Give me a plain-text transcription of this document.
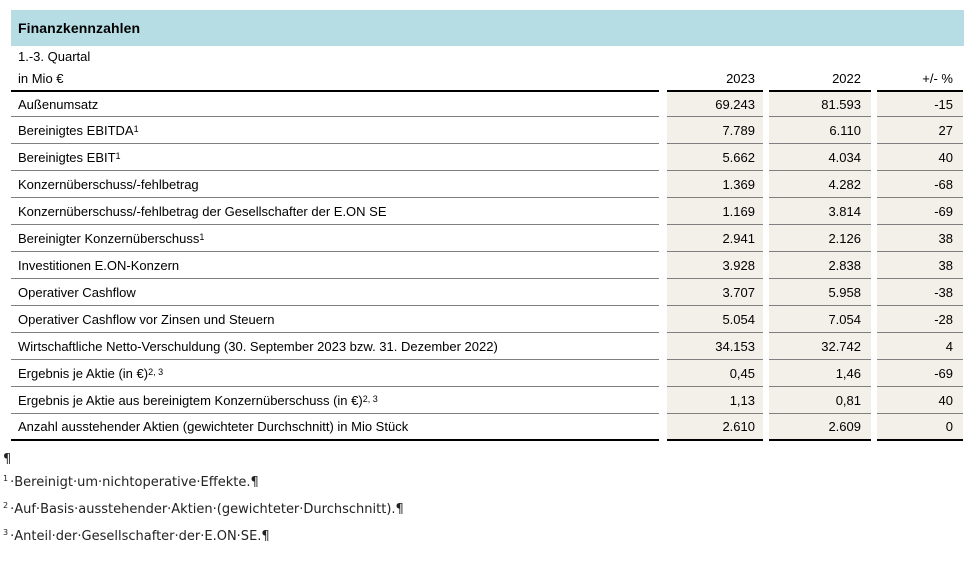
Finanzkennzahlen
1.-3. Quartal
in Mio €	2023	2022	+/- %
Außenumsatz	69.243	81.593	-15
Bereinigtes EBITDA$^1$	7.789	6.110	27
Bereinigtes EBIT$^1$	5.662	4.034	40
Konzernüberschuss/-fehlbetrag	1.369	4.282	-68
Konzernüberschuss/-fehlbetrag der Gesellschafter der E.ON SE	1.169	3.814	-69
Bereinigter Konzernüberschuss$^1$	2.941	2.126	38
Investitionen E.ON-Konzern	3.928	2.838	38
Operativer Cashflow	3.707	5.958	-38
Operativer Cashflow vor Zinsen und Steuern	5.054	7.054	-28
Wirtschaftliche Netto-Verschuldung (30. September 2023 bzw. 31. Dezember 2022)	34.153	32.742	4
Ergebnis je Aktie (in €)$^{2, 3}$	0,45	1,46	-69
Ergebnis je Aktie aus bereinigtem Konzernüberschuss (in €)$^{2, 3}$	1,13	0,81	40
Anzahl ausstehender Aktien (gewichteter Durchschnitt) in Mio Stück	2.610	2.609	0
¶
1 ·Bereinigt·um·nichtoperative·Effekte.¶
2 ·Auf·Basis·ausstehender·Aktien·(gewichteter·Durchschnitt).¶
3 ·Anteil·der·Gesellschafter·der·E.ON·SE.¶
